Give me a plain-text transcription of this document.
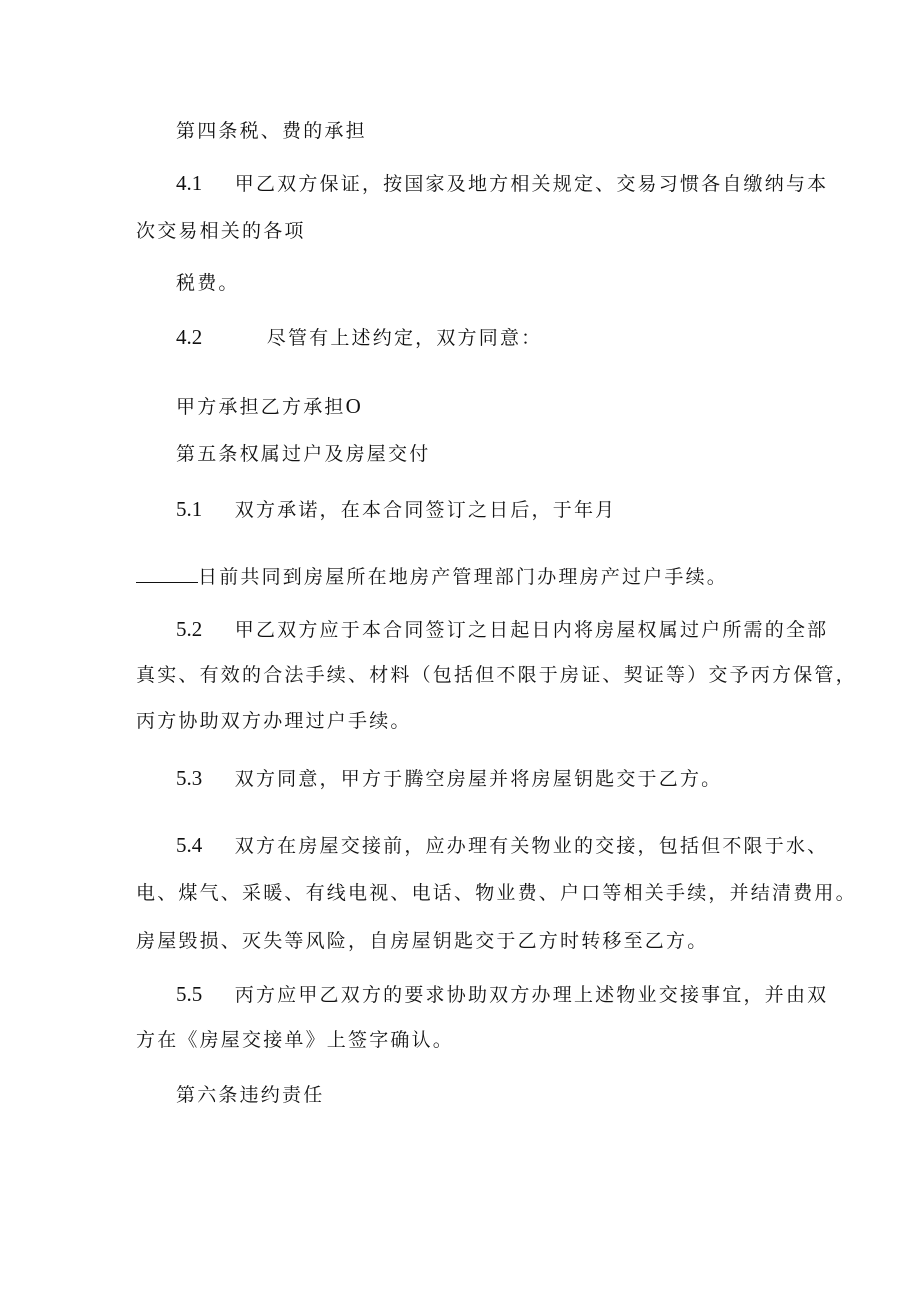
第四条税、费的承担
4.1 甲乙双方保证，按国家及地方相关规定、交易习惯各自缴纳与本
次交易相关的各项
税费。
4.2	尽管有上述约定，双方同意：
甲方承担乙方承担O
第五条权属过户及房屋交付
5.1 双方承诺，在本合同签订之日后，于年月
日前共同到房屋所在地房产管理部门办理房产过户手续。
5.2 甲乙双方应于本合同签订之日起日内将房屋权属过户所需的全部
真实、有效的合法手续、材料（包括但不限于房证、契证等）交予丙方保管，
丙方协助双方办理过户手续。
5.3 双方同意，甲方于腾空房屋并将房屋钥匙交于乙方。
5.4 双方在房屋交接前，应办理有关物业的交接，包括但不限于水、
电、煤气、采暖、有线电视、电话、物业费、户口等相关手续，并结清费用。
房屋毁损、灭失等风险，自房屋钥匙交于乙方时转移至乙方。
5.5 丙方应甲乙双方的要求协助双方办理上述物业交接事宜，并由双
方在《房屋交接单》上签字确认。
第六条违约责任
